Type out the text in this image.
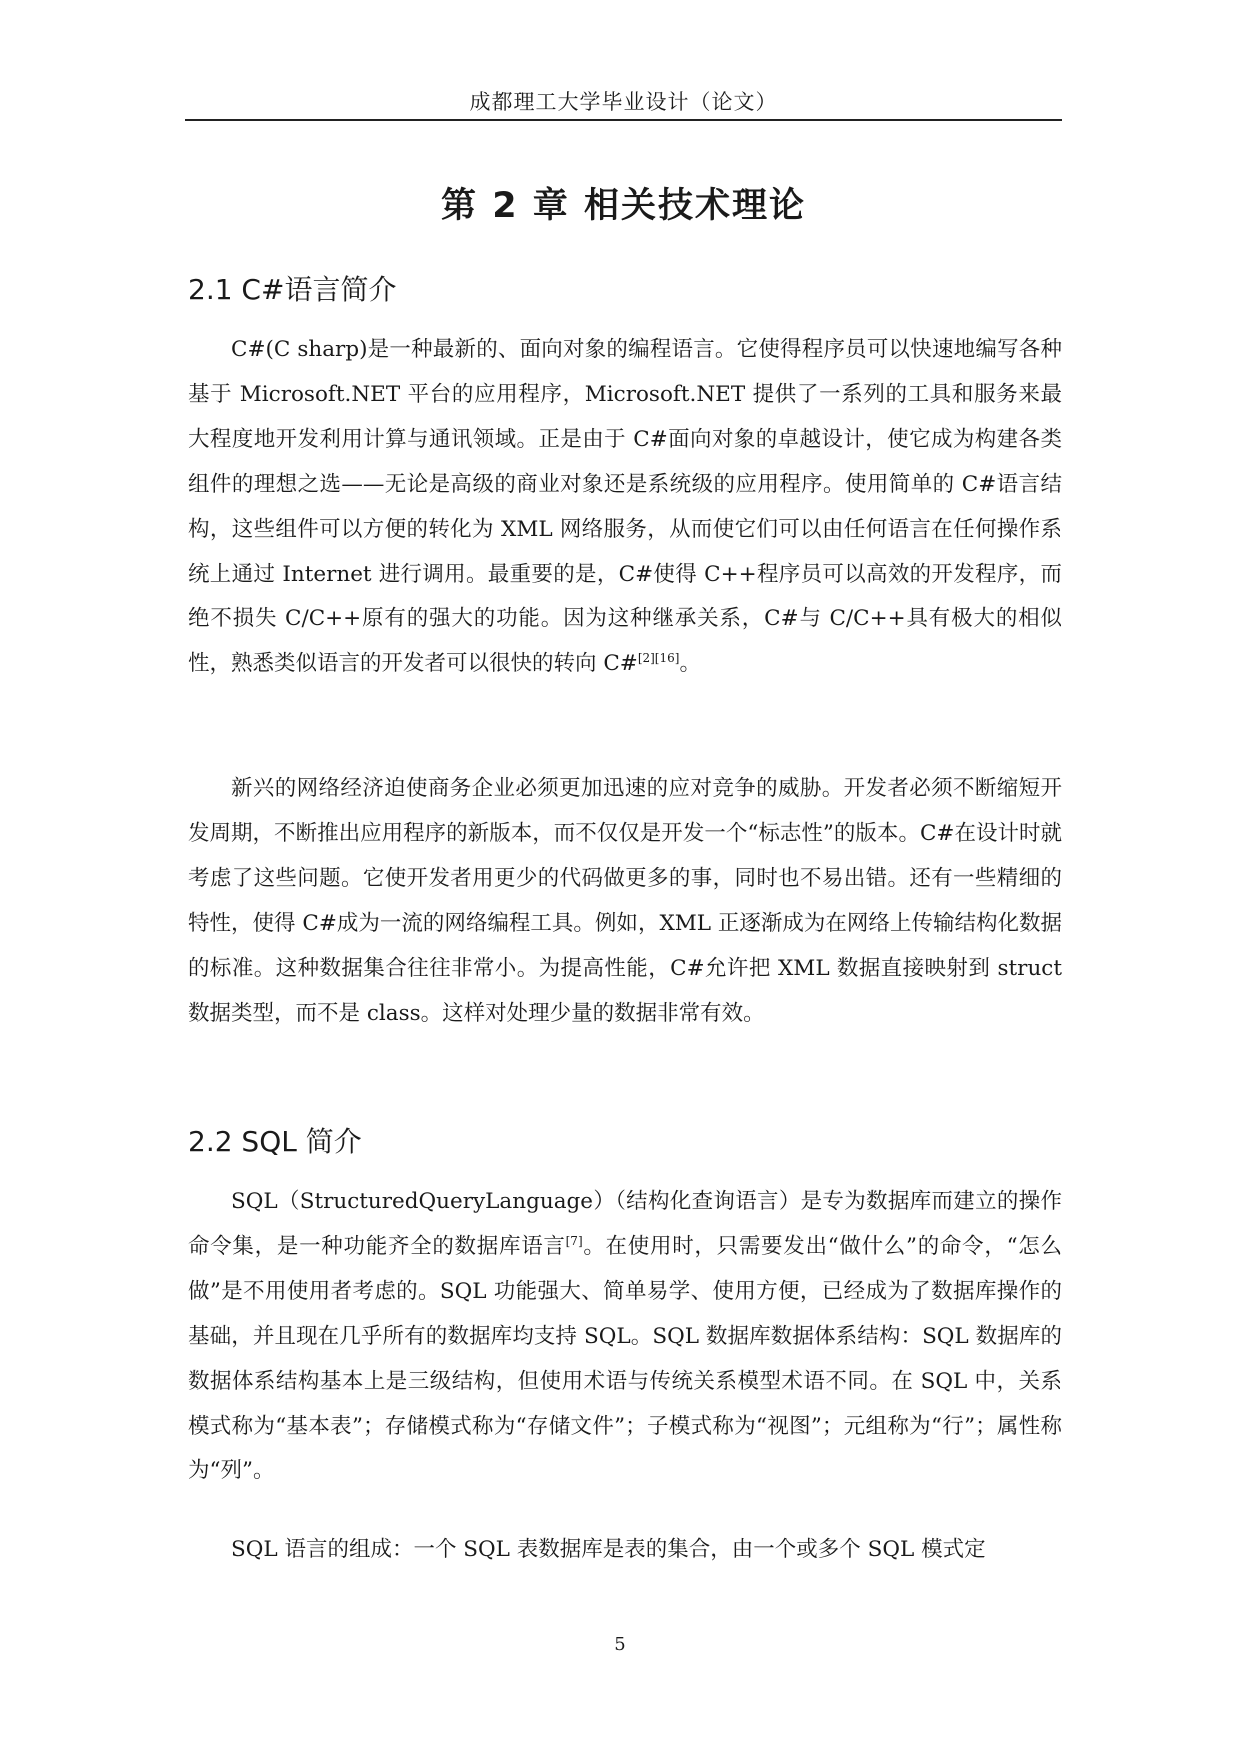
成都理工大学毕业设计（论文）
第 2 章 相关技术理论
2.1 C#语言简介

C#(C sharp)是一种最新的、面向对象的编程语言。它使得程序员可以快速地编写各种基于 Microsoft.NET 平台的应用程序，Microsoft.NET 提供了一系列的工具和服务来最大程度地开发利用计算与通讯领域。正是由于 C#面向对象的卓越设计，使它成为构建各类组件的理想之选——无论是高级的商业对象还是系统级的应用程序。使用简单的 C#语言结构，这些组件可以方便的转化为 XML 网络服务，从而使它们可以由任何语言在任何操作系统上通过 Internet 进行调用。最重要的是，C#使得 C++程序员可以高效的开发程序，而绝不损失 C/C++原有的强大的功能。因为这种继承关系，C#与 C/C++具有极大的相似性，熟悉类似语言的开发者可以很快的转向 C#[2][16]。

新兴的网络经济迫使商务企业必须更加迅速的应对竞争的威胁。开发者必须不断缩短开发周期，不断推出应用程序的新版本，而不仅仅是开发一个“标志性”的版本。C#在设计时就考虑了这些问题。它使开发者用更少的代码做更多的事，同时也不易出错。还有一些精细的特性，使得 C#成为一流的网络编程工具。例如，XML 正逐渐成为在网络上传输结构化数据的标准。这种数据集合往往非常小。为提高性能，C#允许把 XML 数据直接映射到 struct 数据类型，而不是 class。这样对处理少量的数据非常有效。

2.2 SQL 简介

SQL（StructuredQueryLanguage）（结构化查询语言）是专为数据库而建立的操作命令集，是一种功能齐全的数据库语言[7]。在使用时，只需要发出“做什么”的命令，“怎么做”是不用使用者考虑的。SQL 功能强大、简单易学、使用方便，已经成为了数据库操作的基础，并且现在几乎所有的数据库均支持 SQL。SQL 数据库数据体系结构：SQL 数据库的数据体系结构基本上是三级结构，但使用术语与传统关系模型术语不同。在 SQL 中，关系模式称为“基本表”；存储模式称为“存储文件”；子模式称为“视图”；元组称为“行”；属性称为“列”。

SQL 语言的组成：一个 SQL 表数据库是表的集合，由一个或多个 SQL 模式定

5
